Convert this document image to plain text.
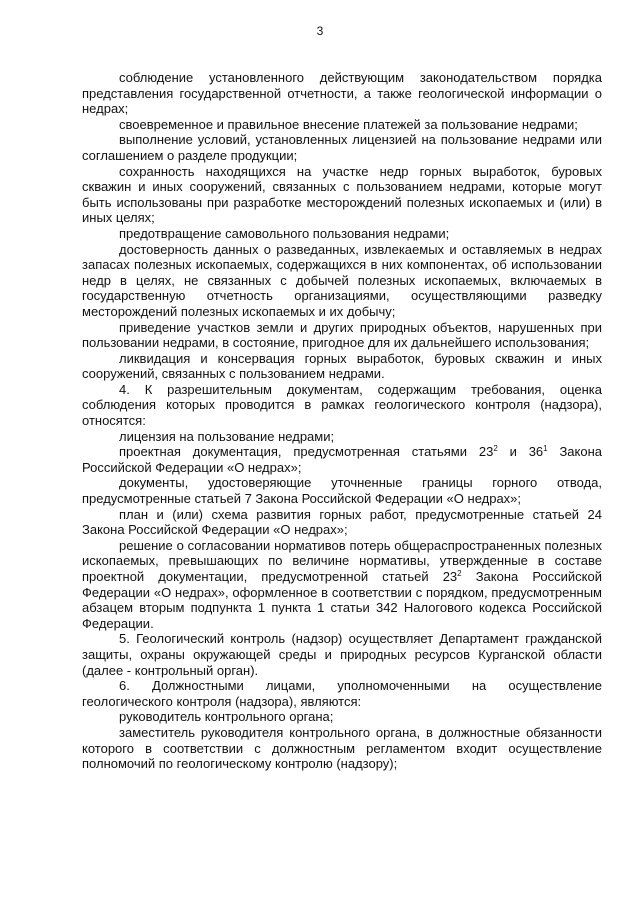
3

соблюдение установленного действующим законодательством порядка представления государственной отчетности, а также геологической информации о недрах;

своевременное и правильное внесение платежей за пользование недрами;

выполнение условий, установленных лицензией на пользование недрами или соглашением о разделе продукции;

сохранность находящихся на участке недр горных выработок, буровых скважин и иных сооружений, связанных с пользованием недрами, которые могут быть использованы при разработке месторождений полезных ископаемых и (или) в иных целях;

предотвращение самовольного пользования недрами;

достоверность данных о разведанных, извлекаемых и оставляемых в недрах запасах полезных ископаемых, содержащихся в них компонентах, об использовании недр в целях, не связанных с добычей полезных ископаемых, включаемых в государственную отчетность организациями, осуществляющими разведку месторождений полезных ископаемых и их добычу;

приведение участков земли и других природных объектов, нарушенных при пользовании недрами, в состояние, пригодное для их дальнейшего использования;

ликвидация и консервация горных выработок, буровых скважин и иных сооружений, связанных с пользованием недрами.

4. К разрешительным документам, содержащим требования, оценка соблюдения которых проводится в рамках геологического контроля (надзора), относятся:

лицензия на пользование недрами;

проектная документация, предусмотренная статьями $23^2$ и $36^1$ Закона Российской Федерации «О недрах»;

документы, удостоверяющие уточненные границы горного отвода, предусмотренные статьей 7 Закона Российской Федерации «О недрах»;

план и (или) схема развития горных работ, предусмотренные статьей 24 Закона Российской Федерации «О недрах»;

решение о согласовании нормативов потерь общераспространенных полезных ископаемых, превышающих по величине нормативы, утвержденные в составе проектной документации, предусмотренной статьей $23^2$ Закона Российской Федерации «О недрах», оформленное в соответствии с порядком, предусмотренным абзацем вторым подпункта 1 пункта 1 статьи 342 Налогового кодекса Российской Федерации.

5. Геологический контроль (надзор) осуществляет Департамент гражданской защиты, охраны окружающей среды и природных ресурсов Курганской области (далее - контрольный орган).

6. Должностными лицами, уполномоченными на осуществление геологического контроля (надзора), являются:

руководитель контрольного органа;

заместитель руководителя контрольного органа, в должностные обязанности которого в соответствии с должностным регламентом входит осуществление полномочий по геологическому контролю (надзору);
